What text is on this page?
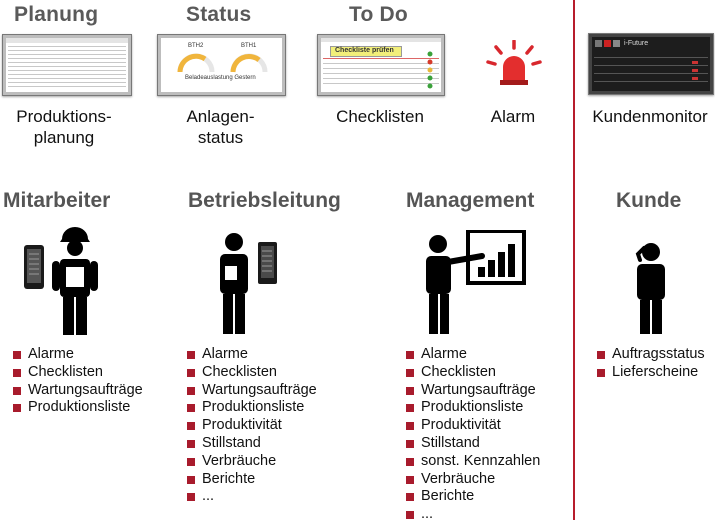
Planung	Status	To Do
BTH2	BTH1
Beladeauslastung Gestern
Checkliste prüfen
i-Future
Produktions-
planung
Anlagen-
status
Checklisten	Alarm	Kundenmonitor
Mitarbeiter	Betriebsleitung	Management	Kunde
Alarme
Checklisten
Wartungsaufträge
Produktionsliste
Alarme
Checklisten
Wartungsaufträge
Produktionsliste
Produktivität
Stillstand
Verbräuche
Berichte
...
Alarme
Checklisten
Wartungsaufträge
Produktionsliste
Produktivität
Stillstand
sonst. Kennzahlen
Verbräuche
Berichte
...
Auftragsstatus
Lieferscheine
